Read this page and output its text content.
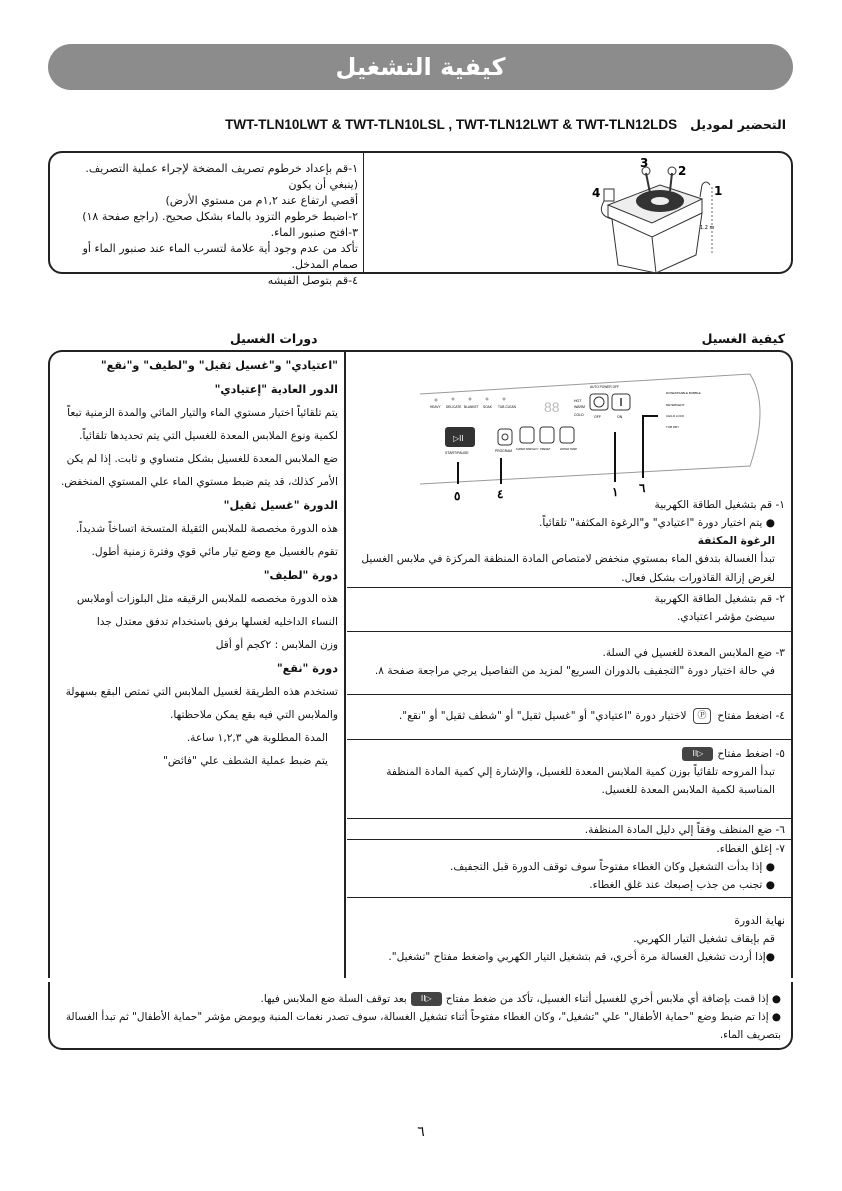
كيفية التشغيل
التحضير لموديل   TWT-TLN10LWT & TWT-TLN10LSL , TWT-TLN12LWT & TWT-TLN12LDS
١-قم بإعداد خرطوم تصريف المضخة لإجراء عملية التصريف. (ينبغي أن يكون
أقصي ارتفاع عند ١,٢م من مستوي الأرض)
٢-اضبط خرطوم التزود بالماء بشكل صحيح. (راجع صفحة ١٨)
٣-افتح صنبور الماء.
تأكد من عدم وجود أية علامة لتسرب الماء عند صنبور الماء أو صمام المدخل.
٤-قم بتوصل الفيشه
3
2
4	1
1.2 m
كيفية الغسيل
دورات الغسيل
"اعتيادي" و"غسيل ثقيل" و"لطيف" و"نقع"
الدور العادية "إعتيادي"
يتم تلقائياً اختيار مستوي الماء والتيار المائي والمدة الزمنية تبعاً لكمية ونوع الملابس المعدة للغسيل التي يتم تحديدها تلقائياً.
ضع الملابس المعدة للغسيل بشكل متساوي و ثابت. إذا لم يكن الأمر كذلك، قد يتم ضبط مستوي الماء علي المستوي المنخفض.
الدورة "غسيل ثقيل"
هذه الدورة مخصصة للملابس الثقيلة المتسخة اتساخاً شديداً.
تقوم بالغسيل مع وضع تيار مائي قوي وفترة زمنية أطول.
دورة "لطيف"
هذه الدورة مخصصه للملابس الرقيقه مثل البلوزات أوملابس النساء الداخليه لغسلها برفق باستخدام تدفق معتدل جدا
وزن الملابس : ٢كجم أو أقل
دورة "نقع"
تستخدم هذه الطريقة لغسيل الملابس التي تمتص البقع بسهولة والملابس التي فيه بقع يمكن ملاحظتها.
المدة المطلوبة هي ١,٢,٣ ساعة.
يتم ضبط عملية الشطف علي "فائض"
HEAVY DELICATE BLANKET SOAK TUB CLEAN 88	HOT
WARM
COLD
AUTO POWER OFF
OFF	ON
▷II
START/PAUSE	PROGRAM SUPER SIMPLEXY PRESET	WATER TEMP.
DOSE/DISABLE BUBBLE
DETERGENT
CHILD LOCK
TUB DRY
٥	٤	١ ٦
١- قم بتشغيل الطاقة الكهربية
● يتم اختيار دورة "اعتيادي" و"الرغوة المكثفة" تلقائياً.
الرغوة المكثفة
تبدأ الغسالة بتدفق الماء بمستوي منخفض لامتصاص المادة المنظفة المركزة في ملابس الغسيل لغرض إزالة القاذورات بشكل فعال.
٢- قم بتشغيل الطاقة الكهربية
سيضئ مؤشر اعتيادي.
٣- ضع الملابس المعدة للغسيل في السلة.
في حالة اختيار دورة "التجفيف بالدوران السريع" لمزيد من التفاصيل يرجي مراجعة صفحة ٨.
٤- اضغط مفتاح Ⓟ لاختيار دورة "اعتيادي" أو "غسيل ثقيل" أو "شطف ثقيل" أو "نقع".
٥- اضغط مفتاح▷II
تبدأ المروحه تلقائياً بوزن كمية الملابس المعدة للغسيل، والإشارة إلي كمية المادة المنظفة المناسبة لكمية الملابس المعدة للغسيل.
٦- ضع المنظف وفقاً إلي دليل المادة المنظفة.
٧- إغلق الغطاء.
● إذا بدأت التشغيل وكان الغطاء مفتوحاً سوف توقف الدورة قبل التجفيف.
● تجنب من جذب إصبعك عند غلق الغطاء.
نهاية الدورة
قم بإيقاف تشغيل التيار الكهربي.
●إذا أردت تشغيل الغسالة مرة أخري، قم بتشغيل التيار الكهربي واضغط مفتاح "تشغيل".
● إذا قمت بإضافة أي ملابس أخري للغسيل أثناء الغسيل، تأكد من ضغط مفتاح▷IIبعد توقف السلة ضع الملابس فيها.
● إذا تم ضبط وضع "حماية الأطفال" علي "تشغيل"، وكان الغطاء مفتوحاً أثناء تشغيل الغسالة، سوف تصدر نغمات المنبة ويومض مؤشر "حماية الأطفال" ثم تبدأ الغسالة بتصريف الماء.
٦
